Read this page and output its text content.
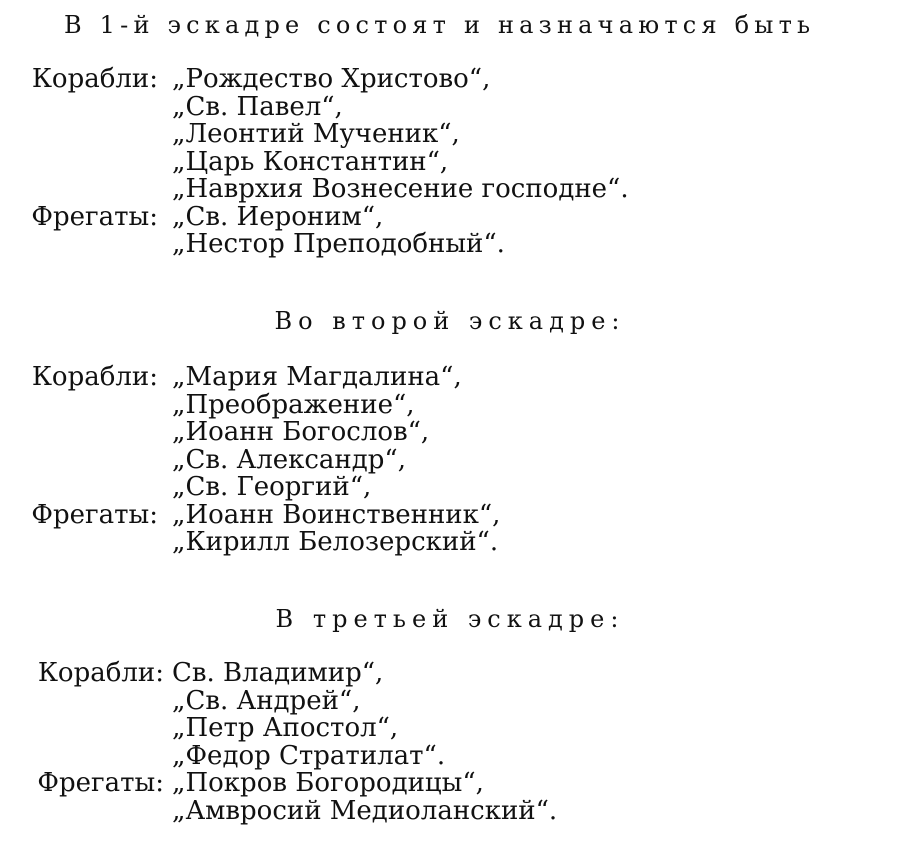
В 1-й эскадре состоят и назначаются быть
Корабли: „Рождество Христово“,
„Св. Павел“,
„Леонтий Мученик“,
„Царь Константин“,
„Наврхия Вознесение господне“.
Фрегаты: „Св. Иероним“,
„Нестор Преподобный“.
Во второй эскадре:
Корабли: „Мария Магдалина“,
„Преображение“,
„Иоанн Богослов“,
„Св. Александр“,
„Св. Георгий“,
Фрегаты: „Иоанн Воинственник“,
„Кирилл Белозерский“.
В третьей эскадре:
Корабли: Св. Владимир“,
„Св. Андрей“,
„Петр Апостол“,
„Федор Стратилат“.
Фрегаты: „Покров Богородицы“,
„Амвросий Медиоланский“.
